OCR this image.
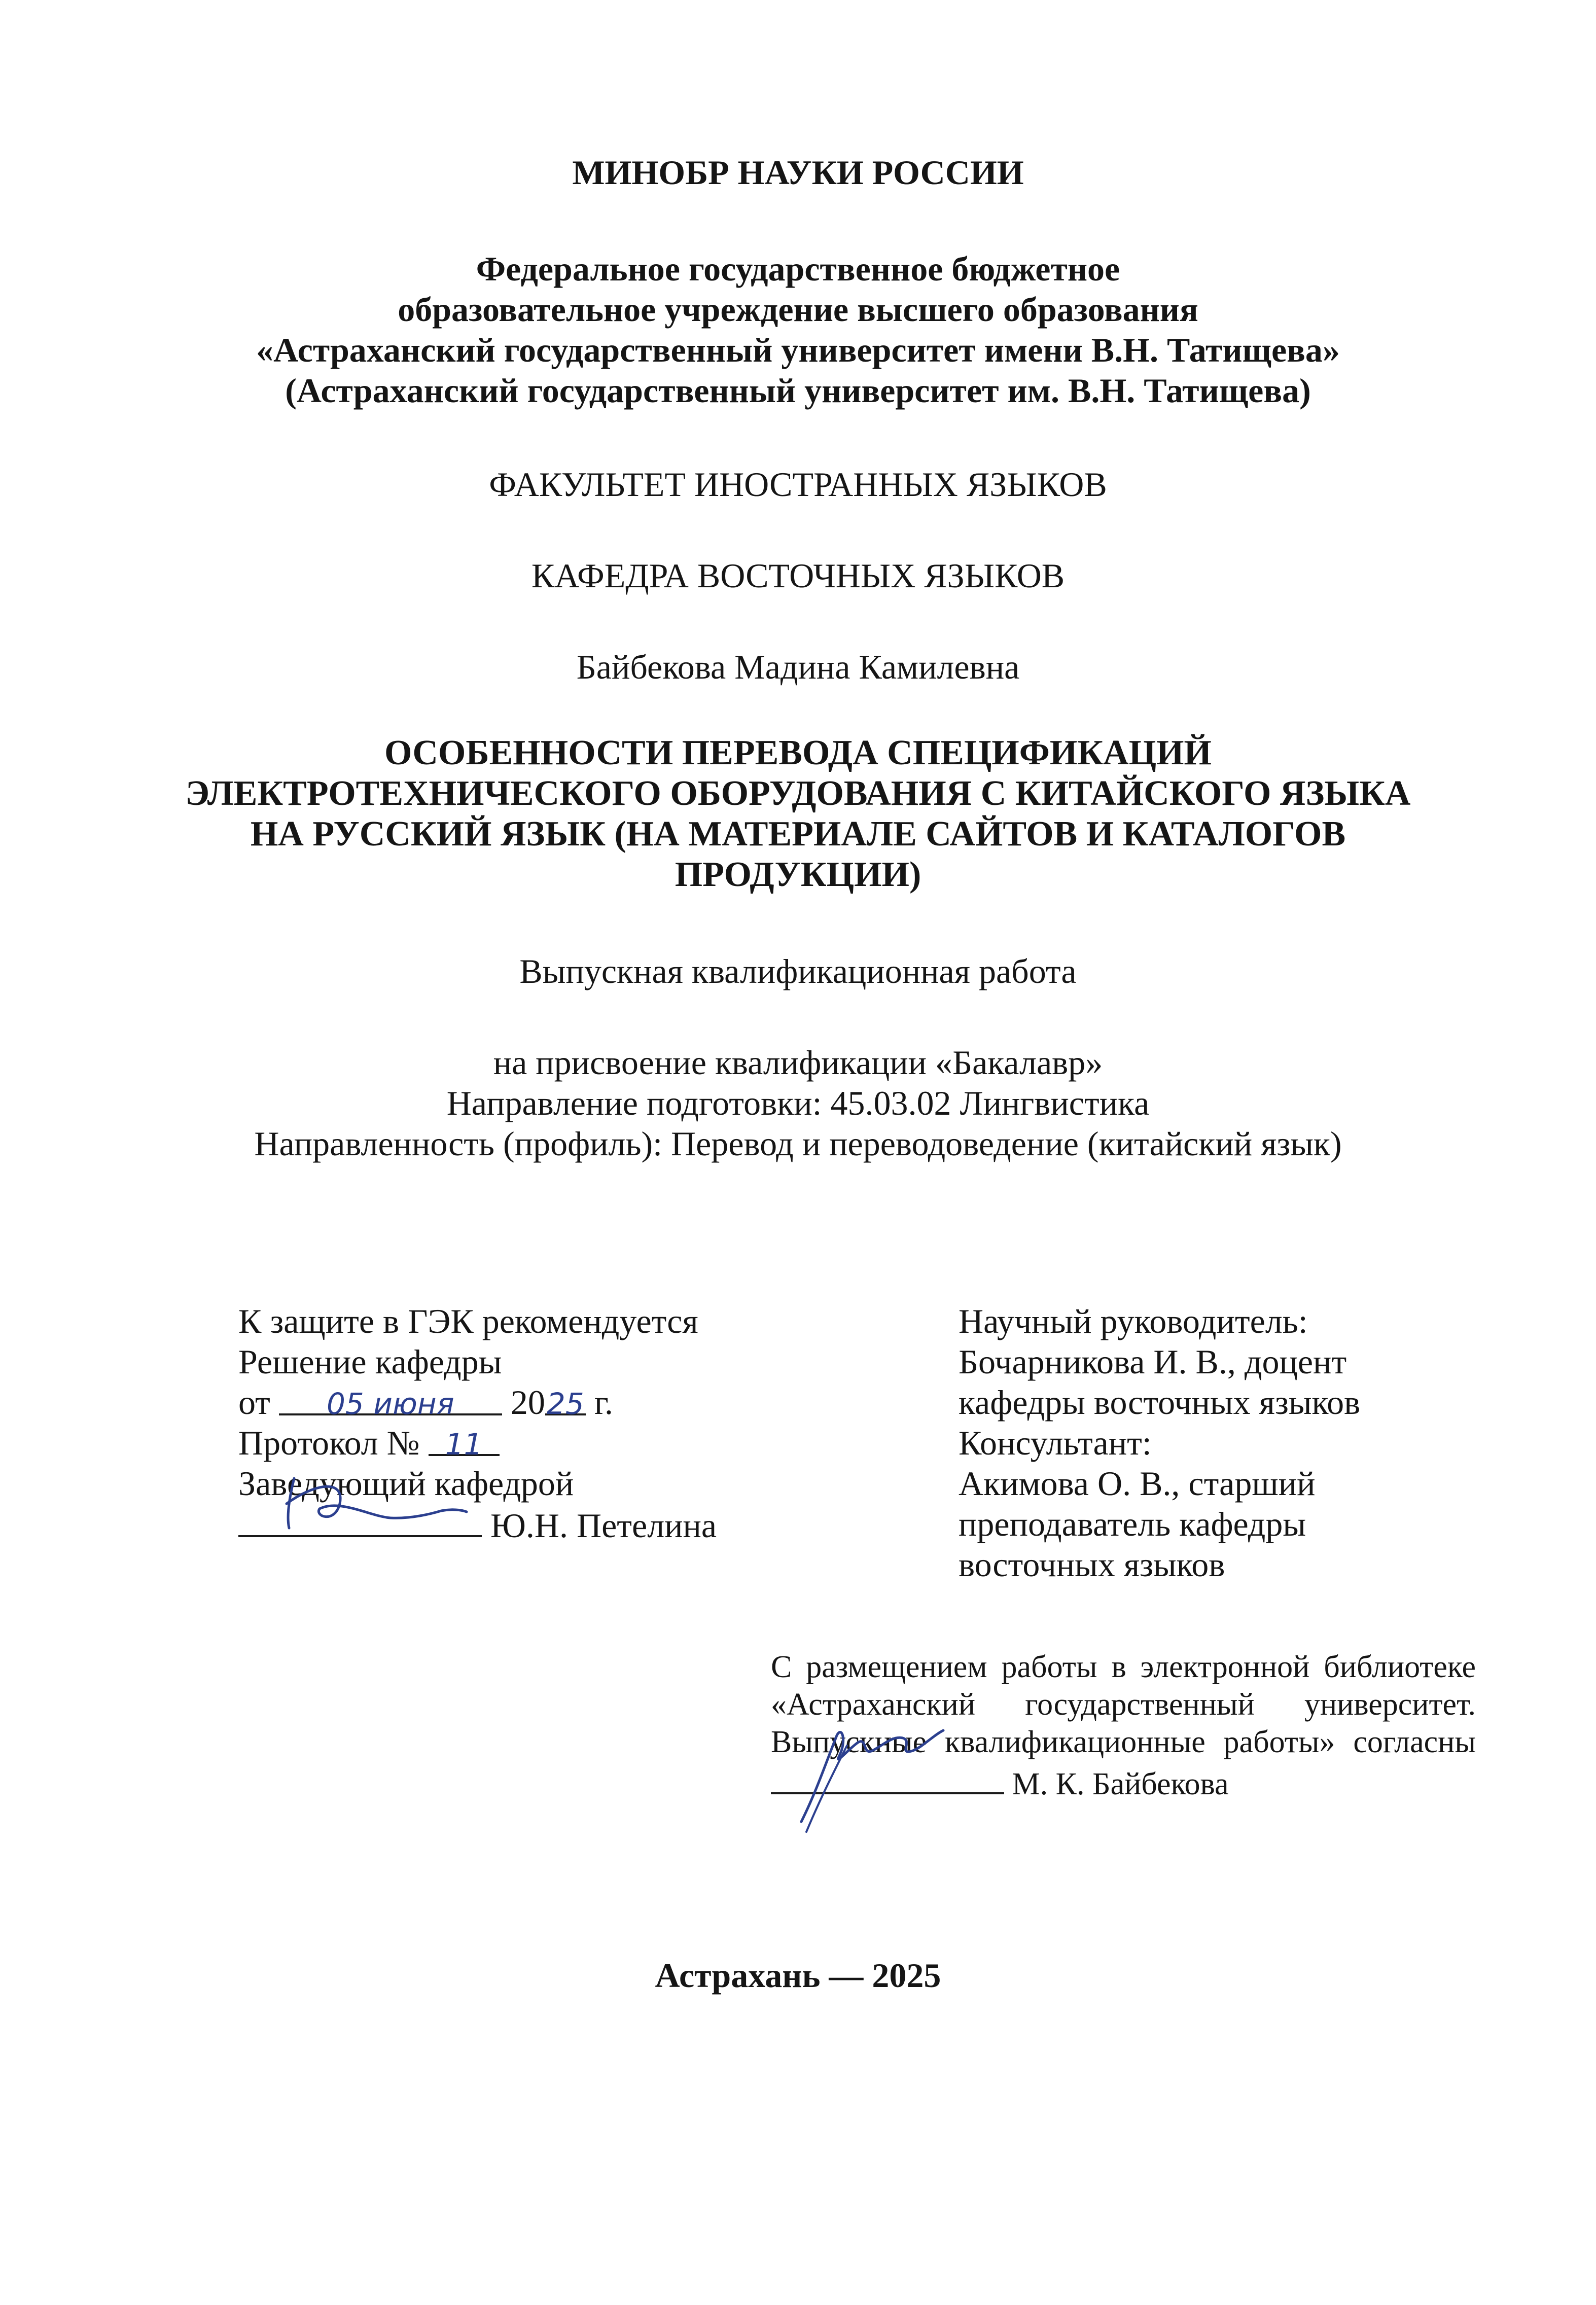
МИНОБР НАУКИ РОССИИ
Федеральное государственное бюджетное
образовательное учреждение высшего образования
«Астраханский государственный университет имени В.Н. Татищева»
(Астраханский государственный университет им. В.Н. Татищева)
ФАКУЛЬТЕТ ИНОСТРАННЫХ ЯЗЫКОВ
КАФЕДРА ВОСТОЧНЫХ ЯЗЫКОВ
Байбекова Мадина Камилевна
ОСОБЕННОСТИ ПЕРЕВОДА СПЕЦИФИКАЦИЙ
ЭЛЕКТРОТЕХНИЧЕСКОГО ОБОРУДОВАНИЯ С КИТАЙСКОГО ЯЗЫКА
НА РУССКИЙ ЯЗЫК (НА МАТЕРИАЛЕ САЙТОВ И КАТАЛОГОВ
ПРОДУКЦИИ)
Выпускная квалификационная работа
на присвоение квалификации «Бакалавр»
Направление подготовки: 45.03.02 Лингвистика
Направленность (профиль): Перевод и переводоведение (китайский язык)
К защите в ГЭК рекомендуется
Решение кафедры
от 05 июня 2025 г.
Протокол № 11
Заведующий кафедрой
Ю.Н. Петелина
Научный руководитель:
Бочарникова И. В., доцент
кафедры восточных языков
Консультант:
Акимова О. В., старший
преподаватель кафедры
восточных языков
С размещением работы в электронной библиотеке
«Астраханский государственный университет.
Выпускные квалификационные работы» согласны
М. К. Байбекова
Астрахань — 2025
